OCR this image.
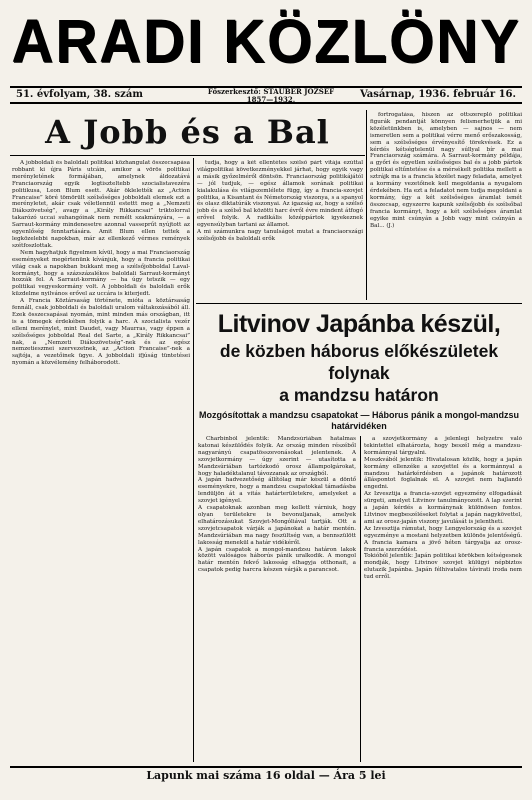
ARADI KÖZLÖNY
51. évfolyam, 38. szám	Főszerkesztő: STAUBER JÓZSEF
1857—1932.	Vasárnap, 1936. február 16.
A Jobb és a Bal

A jobboldali és baloldali politikai közhangulat összecsapása robbant ki újra Páris utcáin, amikor a vörös politikai merényletének formájában, amelynek áldozatává Franciaország egyik legtiszteltebb szocialistavezéra politikusa, Leon Blum esett. Akár öklelették az „Action Francaise” köré tömörült szélsőséges jobboldali elemek ezt a merényletet, akár csak véletlennül estettt meg a „Nemzeti Diákszövetség”, avagy a „Király Rikkancsai” triktolorral takarózó uccai suhangóinak nem remélt szakmányára, — a Sarraut-kormány mindenesetre azonnal vasseprűt nyújtott az egyenlőség fenntartására. Amit Blum ellen tettek a legközelebbi napokban, már az ellenkező vérmes remények szétfoszlottak.

Nem hagyhatjuk figyelmen kívül, hogy a mai Franciaország eseményeket megértenünk kívánjuk, hogy a francia politikai világ csak a napokban bukkant meg a szélsőjobboldal Laval-kormányt, hogy a százszázalékos baloldali Sarraut-kormányt hozzák fel. A Sarraut-kormány — ha úgy tetszik — egy politikai vegyeskormány volt. A jobboldali és baloldali erők küzdelme nyilvános erővel az uccára is kiterjedt.

A Francia Köztársaság története, mióta a köztársaság fennáll, csak jobboldali és baloldali uralom váltakozásából áll. Ezek összecsapásai nyomán, mint minden más országban, itt is a tömegek érdekében folyik a harc. A szocialista vezér elleni merénylet, mint Daudet, vagy Maurras, vagy éppen a szélsőséges jobboldal Real del Sarte, a „Király Rikkancsai” nak, a „Nemzeti Diákszövetség”-nek és az egész nemzetieszmei szervezetnek, az „Action Francaise”-nek a sajtója, a vezetőinek ügye. A jobboldali ifjúság tüntetései nyomán a közvélemény felháborodott.

tudja, hogy a két ellentétes szélső párt vitája ezúttal világpolitikai következményekkel járhat, hogy egyik vagy a másik győzelméről döntsön. Franciaország politikájától — jól tudjuk, — egész államok sorának politikai kialakulása és világszemlélete függ, így a francia-szovjet politika, a Kisantant és Németország viszonya, s a spanyol és olasz diktatúrák viszonyai. Az igazság az, hogy a szélső jobb és a szélső bal közötti harc évről évre mindent átfogó erővel folyik. A radikális középpártok igyekeznek egyensúlyban tartani az államot.
A mi számunkra nagy tanulságot mutat a franciaországi szélsőjobb és baloldali erők

fortrogatása, hiszen az ottszereplő politikai figurák pendantját könnyen felismerhetjük a mi közéletünkben is, amelyben — sajnos — nem ismeretlen sem a politikai vérre menő erőszakosság, sem a szélsőséges érvényesítő törekvések. Ez a kérdés kétségtelenül nagy súllyal bír a mai Franciaország számára. A Sarraut-kormány példája, a győri és egyetlen szélsőséges bal és a jobb pártok politikai eltűntetése és a mérsékelt politika mellett a sztrájk ma is a francia közélet nagy feladata, amelyet a kormány vezetőinek kell megoldania a nyugalom érdekében. Ha ezt a feladatot nem tudja megoldani a kormány, úgy a két szélsőséges áramlat ismét összecsap, egyszerre kapunk szélsőjobb és szélsőbal francia kormányt, hogy a két szélsőséges áramlat egyike mint csúnyán a Jobb vagy mint csúnyán a Bal... (J.)

Litvinov Japánba készül,
de közben háborus előkészületek folynak
a mandzsu határon
Mozgósítottak a mandzsu csapatokat — Háborus pánik a mongol-mandzsu határvidéken

Charbinból jelentik: Mandzsúriában hatalmas katonai készülődés folyik. Az ország minden részéből nagyarányú csapatösszevonásokat jelentenek. A szovjetkormány — úgy szerint — utasította a Mandzsúriában tartózkodó orosz állampolgárokat, hogy haladéktalanul távozzanak az országból.
A japán hadvezetőség állítólag már készül a döntő eseményekre, hogy a mandzsu csapatokkal támadásba lendüljön át a vitás határterületekre, amelyeket a szovjet igényel.
A csapatoknak azonban meg kellett várniuk, hogy olyan területekre is bevonuljanak, amelyek elhatározásukat Szovjet-Mongóliával tartják. Ott a szovjetcsapatok várják a japánokat a határ mentén. Mandzsúriában ma nagy feszültség van, a bennszülött lakosság menekül a határ vidékéről.
A japán csapatok a mongol-mandzsu határon lakok között valóságos háborús pánik uralkodik. A mongol határ mentén fekvő lakosság elhagyja otthonait, a csapatok pedig harcra készen várják a parancsot.

a szovjetkormány a jelenlegi helyzetre való tekintettel elhatározta, hogy beszél még a mandzsu-kormánnyal tárgyalni.
Moszkvából jelentik: Hivatalosan közlik, hogy a japán kormány ellenzéke a szovjettel és a kormánnyal a mandzsu határkérdésben a japánok határozott álláspontot foglalnak el. A szovjet nem hajlandó engedni.
Az Izvesztija a francia-szovjet egyezmény elfogadását sürgeti, amelyet Litvinov tanulmányozott. A lap szerint a japán kérdés a kormánynak különösen fontos. Litvinov megbeszéléseket folytat a japán nagykövettel, ami az orosz-japán viszony javulását is jelentheti.
Az Izvesztija rámutat, hogy Lengyelország és a szovjet egyezménye a mostani helyzetben különös jelentőségű. A francia kamara a jövő héten tárgyalja az orosz-francia szerződést.
Tokióból jelentik: Japán politikai körökben kétségesnek mondják, hogy Litvinov szovjet külügyi népbiztos elutazik Japánba. Japán félhivatalos távirati iroda nem tud erről.

Lapunk mai száma 16 oldal — Ára 5 lei
